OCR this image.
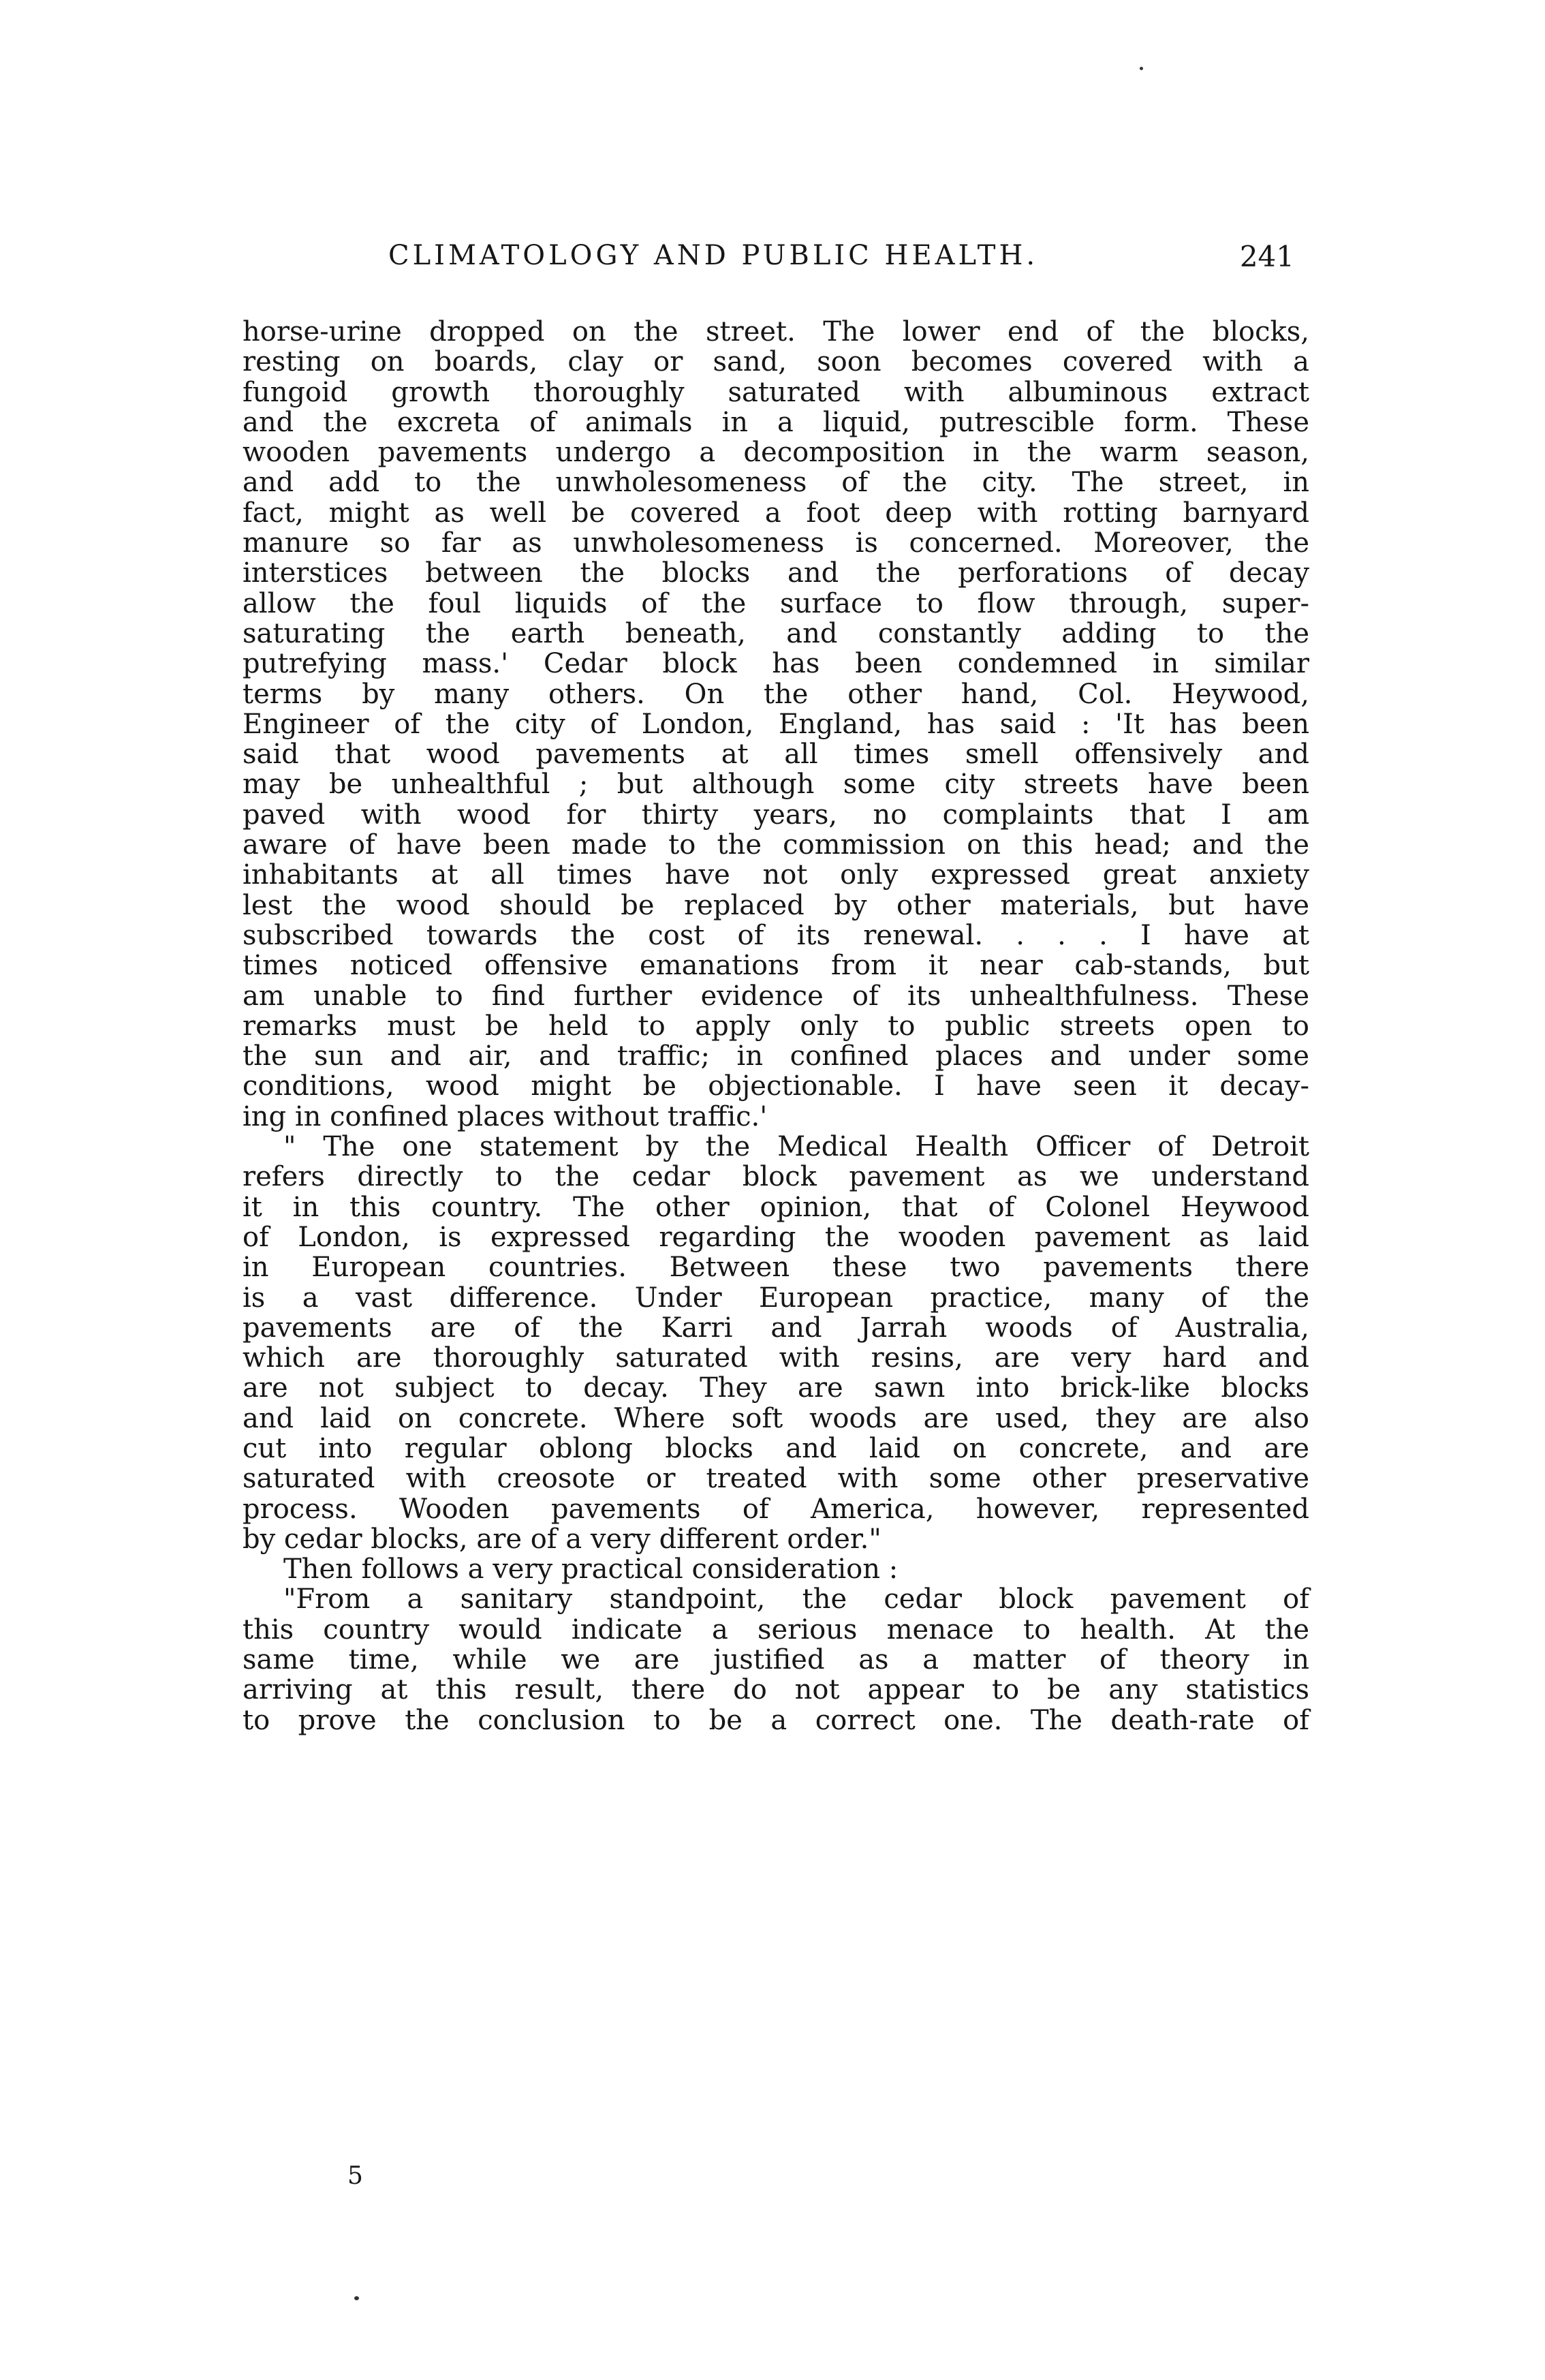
CLIMATOLOGY AND PUBLIC HEALTH.	241
horse-urine dropped on the street. The lower end of the blocks,
resting on boards, clay or sand, soon becomes covered with a
fungoid growth thoroughly saturated with albuminous extract
and the excreta of animals in a liquid, putrescible form. These
wooden pavements undergo a decomposition in the warm season,
and add to the unwholesomeness of the city. The street, in
fact, might as well be covered a foot deep with rotting barnyard
manure so far as unwholesomeness is concerned. Moreover, the
interstices between the blocks and the perforations of decay
allow the foul liquids of the surface to flow through, super-
saturating the earth beneath, and constantly adding to the
putrefying mass.' Cedar block has been condemned in similar
terms by many others. On the other hand, Col. Heywood,
Engineer of the city of London, England, has said : 'It has been
said that wood pavements at all times smell offensively and
may be unhealthful ; but although some city streets have been
paved with wood for thirty years, no complaints that I am
aware of have been made to the commission on this head; and the
inhabitants at all times have not only expressed great anxiety
lest the wood should be replaced by other materials, but have
subscribed towards the cost of its renewal. . . . I have at
times noticed offensive emanations from it near cab-stands, but
am unable to find further evidence of its unhealthfulness. These
remarks must be held to apply only to public streets open to
the sun and air, and traffic; in confined places and under some
conditions, wood might be objectionable. I have seen it decay-
ing in confined places without traffic.'
" The one statement by the Medical Health Officer of Detroit
refers directly to the cedar block pavement as we understand
it in this country. The other opinion, that of Colonel Heywood
of London, is expressed regarding the wooden pavement as laid
in European countries. Between these two pavements there
is a vast difference. Under European practice, many of the
pavements are of the Karri and Jarrah woods of Australia,
which are thoroughly saturated with resins, are very hard and
are not subject to decay. They are sawn into brick-like blocks
and laid on concrete. Where soft woods are used, they are also
cut into regular oblong blocks and laid on concrete, and are
saturated with creosote or treated with some other preservative
process. Wooden pavements of America, however, represented
by cedar blocks, are of a very different order."
Then follows a very practical consideration :
"From a sanitary standpoint, the cedar block pavement of
this country would indicate a serious menace to health. At the
same time, while we are justified as a matter of theory in
arriving at this result, there do not appear to be any statistics
to prove the conclusion to be a correct one. The death-rate of
5
